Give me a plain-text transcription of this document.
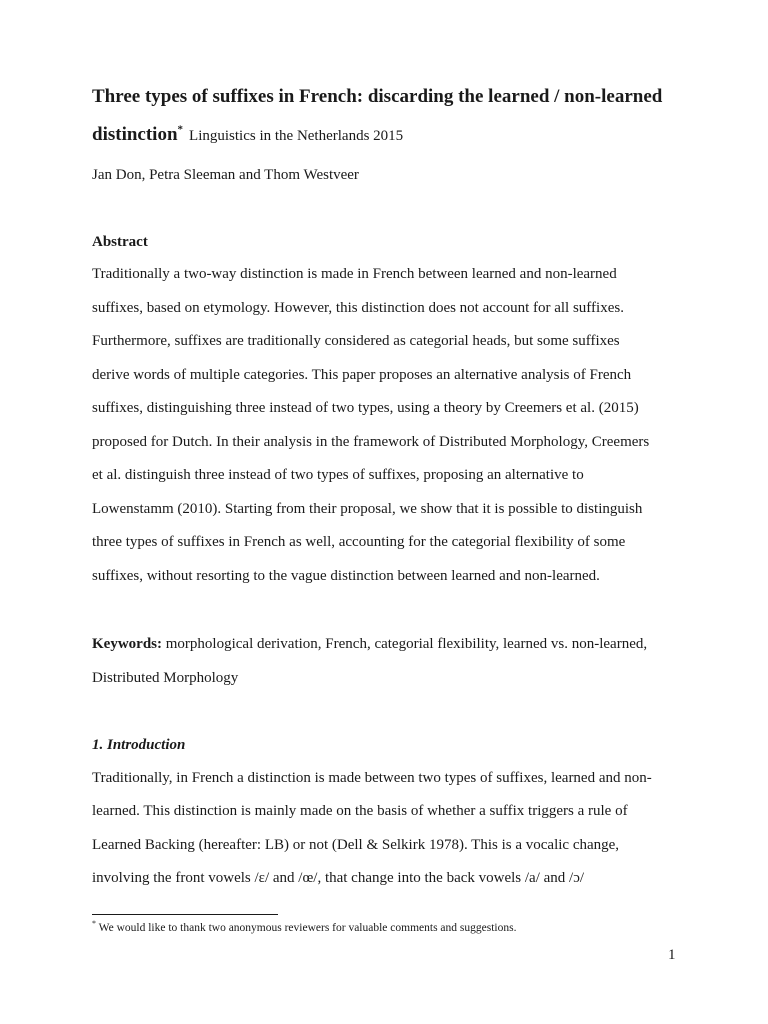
Three types of suffixes in French: discarding the learned / non-learned
distinction* Linguistics in the Netherlands 2015
Jan Don, Petra Sleeman and Thom Westveer
Abstract
Traditionally a two-way distinction is made in French between learned and non-learned
suffixes, based on etymology. However, this distinction does not account for all suffixes.
Furthermore, suffixes are traditionally considered as categorial heads, but some suffixes
derive words of multiple categories. This paper proposes an alternative analysis of French
suffixes, distinguishing three instead of two types, using a theory by Creemers et al. (2015)
proposed for Dutch. In their analysis in the framework of Distributed Morphology, Creemers
et al. distinguish three instead of two types of suffixes, proposing an alternative to
Lowenstamm (2010). Starting from their proposal, we show that it is possible to distinguish
three types of suffixes in French as well, accounting for the categorial flexibility of some
suffixes, without resorting to the vague distinction between learned and non-learned.
Keywords: morphological derivation, French, categorial flexibility, learned vs. non-learned,
Distributed Morphology
1. Introduction
Traditionally, in French a distinction is made between two types of suffixes, learned and non-
learned. This distinction is mainly made on the basis of whether a suffix triggers a rule of
Learned Backing (hereafter: LB) or not (Dell & Selkirk 1978). This is a vocalic change,
involving the front vowels /ɛ/ and /œ/, that change into the back vowels /a/ and /ɔ/
* We would like to thank two anonymous reviewers for valuable comments and suggestions.
1
